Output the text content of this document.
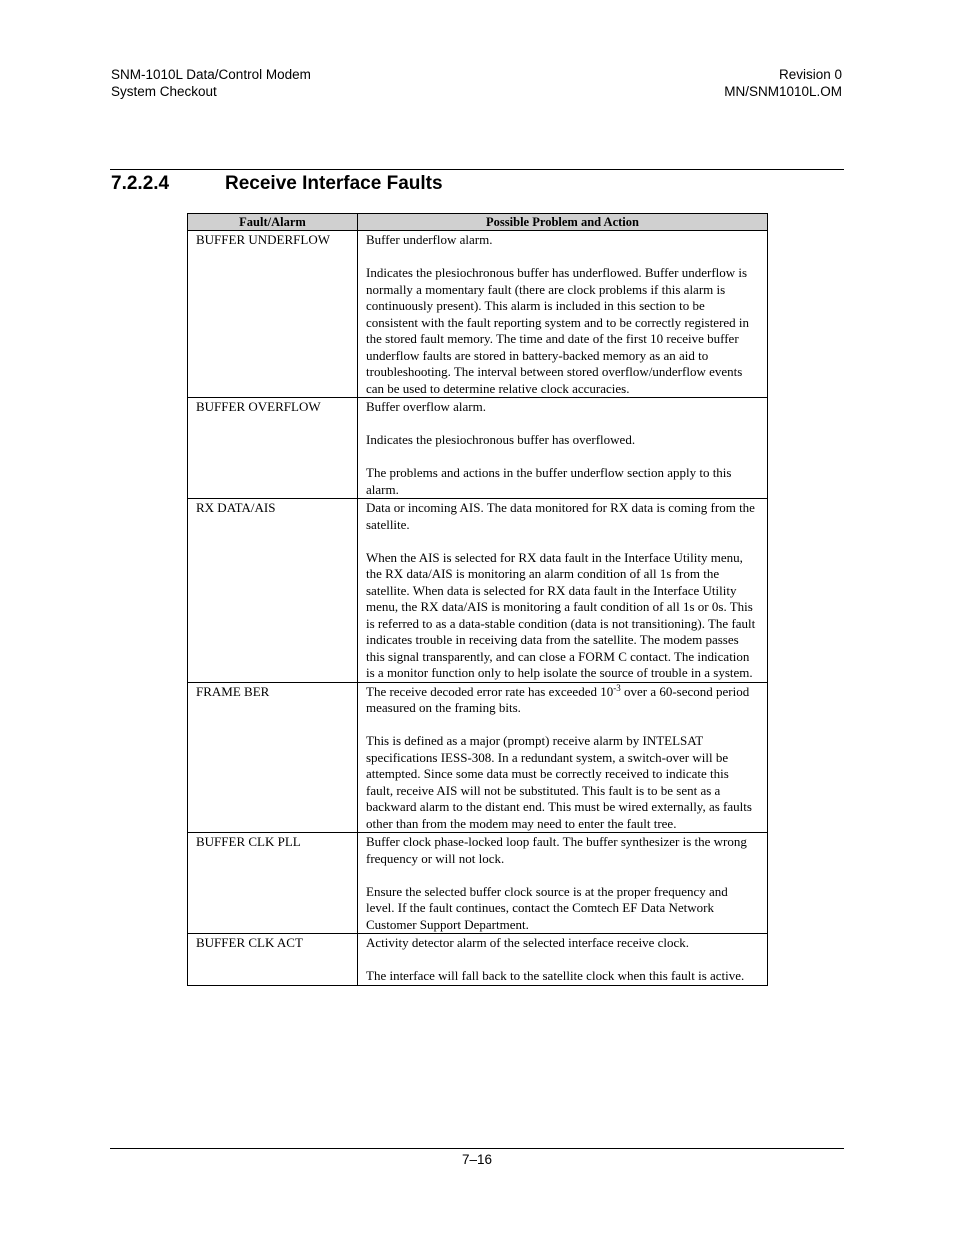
SNM-1010L Data/Control Modem
System Checkout
Revision 0
MN/SNM1010L.OM
7.2.2.4	Receive Interface Faults
Fault/Alarm	Possible Problem and Action
BUFFER UNDERFLOW	Buffer underflow alarm.

Indicates the plesiochronous buffer has underflowed. Buffer underflow is normally a momentary fault (there are clock problems if this alarm is continuously present). This alarm is included in this section to be consistent with the fault reporting system and to be correctly registered in the stored fault memory. The time and date of the first 10 receive buffer underflow faults are stored in battery-backed memory as an aid to troubleshooting. The interval between stored overflow/underflow events can be used to determine relative clock accuracies.

BUFFER OVERFLOW	Buffer overflow alarm.

Indicates the plesiochronous buffer has overflowed.

The problems and actions in the buffer underflow section apply to this alarm.

RX DATA/AIS	Data or incoming AIS. The data monitored for RX data is coming from the satellite.

When the AIS is selected for RX data fault in the Interface Utility menu, the RX data/AIS is monitoring an alarm condition of all 1s from the satellite. When data is selected for RX data fault in the Interface Utility menu, the RX data/AIS is monitoring a fault condition of all 1s or 0s. This is referred to as a data-stable condition (data is not transitioning). The fault indicates trouble in receiving data from the satellite. The modem passes this signal transparently, and can close a FORM C contact. The indication is a monitor function only to help isolate the source of trouble in a system.

FRAME BER	The receive decoded error rate has exceeded $10^{-3}$ over a 60-second period measured on the framing bits.

This is defined as a major (prompt) receive alarm by INTELSAT specifications IESS-308. In a redundant system, a switch-over will be attempted. Since some data must be correctly received to indicate this fault, receive AIS will not be substituted. This fault is to be sent as a backward alarm to the distant end. This must be wired externally, as faults other than from the modem may need to enter the fault tree.

BUFFER CLK PLL	Buffer clock phase-locked loop fault. The buffer synthesizer is the wrong frequency or will not lock.

Ensure the selected buffer clock source is at the proper frequency and level. If the fault continues, contact the Comtech EF Data Network Customer Support Department.

BUFFER CLK ACT	Activity detector alarm of the selected interface receive clock.

The interface will fall back to the satellite clock when this fault is active.

7–16
